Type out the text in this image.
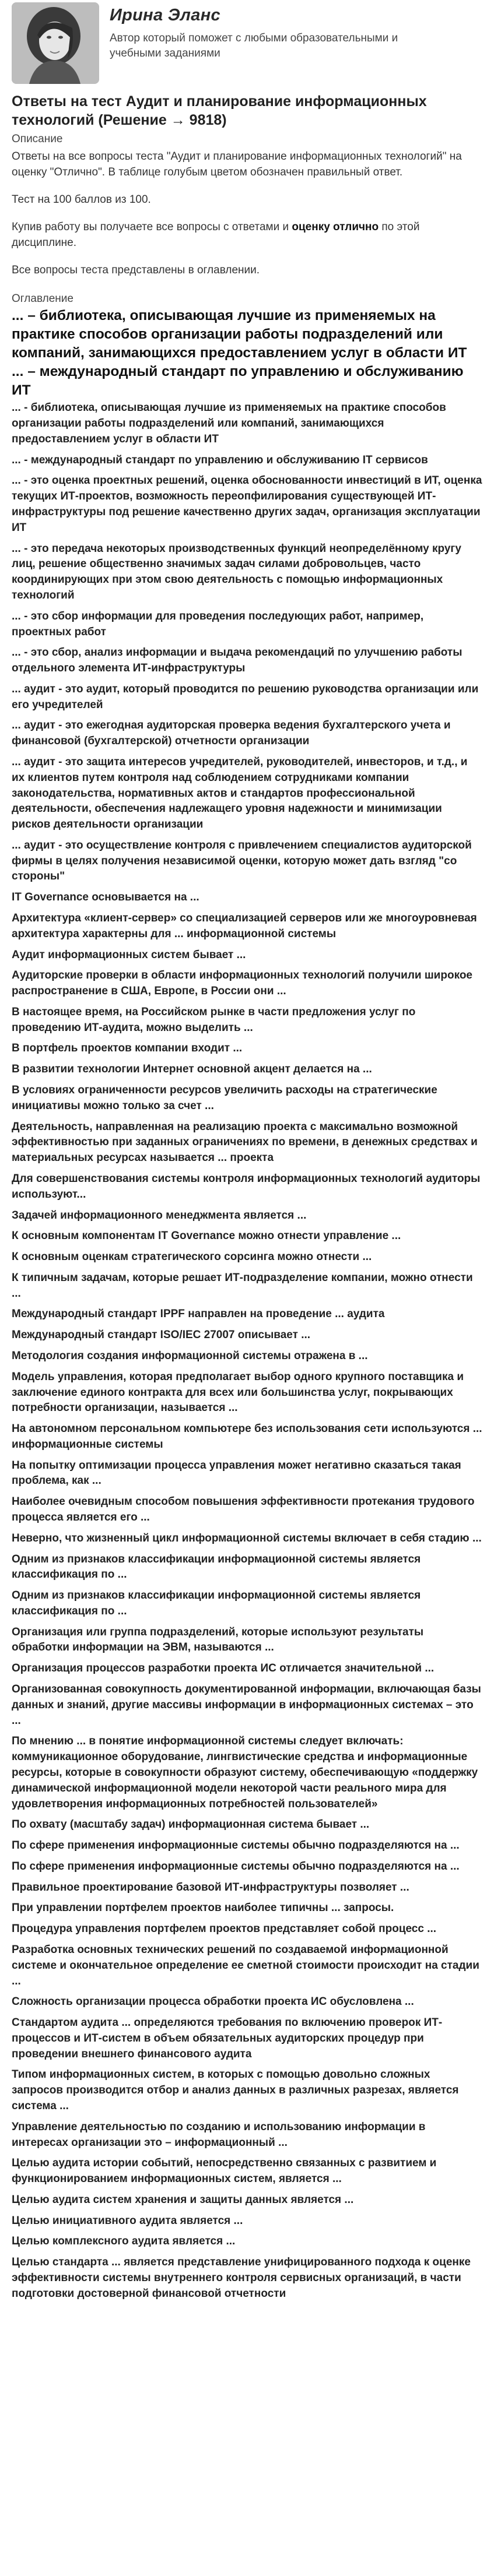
Ирина Эланс
Автор который поможет с любыми образовательными и учебными заданиями
Ответы на тест Аудит и планирование информационных технологий (Решение → 9818)
Описание
Ответы на все вопросы теста "Аудит и планирование информационных технологий" на оценку "Отлично". В таблице голубым цветом обозначен правильный ответ.
Тест на 100 баллов из 100.
Купив работу вы получаете все вопросы с ответами и оценку отлично по этой дисциплине.
Все вопросы теста представлены в оглавлении.
Оглавление
... – библиотека, описывающая лучшие из применяемых на практике способов организации работы подразделений или компаний, занимающихся предоставлением услуг в области ИТ ... – международный стандарт по управлению и обслуживанию ИТ
... - библиотека, описывающая лучшие из применяемых на практике способов организации работы подразделений или компаний, занимающихся предоставлением услуг в области ИТ
... - международный стандарт по управлению и обслуживанию IT сервисов
... - это оценка проектных решений, оценка обоснованности инвестиций в ИТ, оценка текущих ИТ-проектов, возможность переопфилирования существующей ИТ-инфраструктуры под решение качественно других задач, организация эксплуатации ИТ
... - это передача некоторых производственных функций неопределённому кругу лиц, решение общественно значимых задач силами добровольцев, часто координирующих при этом свою деятельность с помощью информационных технологий
... - это сбор информации для проведения последующих работ, например, проектных работ
... - это сбор, анализ информации и выдача рекомендаций по улучшению работы отдельного элемента ИТ-инфраструктуры
... аудит - это аудит, который проводится по решению руководства организации или его учредителей
... аудит - это ежегодная аудиторская проверка ведения бухгалтерского учета и финансовой (бухгалтерской) отчетности организации
... аудит - это защита интересов учредителей, руководителей, инвесторов, и т.д., и их клиентов путем контроля над соблюдением сотрудниками компании законодательства, нормативных актов и стандартов профессиональной деятельности, обеспечения надлежащего уровня надежности и минимизации рисков деятельности организации
... аудит - это осуществление контроля с привлечением специалистов аудиторской фирмы в целях получения независимой оценки, которую может дать взгляд "со стороны"
IT Governance основывается на ...
Архитектура «клиент-сервер» со специализацией серверов или же многоуровневая архитектура характерны для ... информационной системы
Аудит информационных систем бывает ...
Аудиторские проверки в области информационных технологий получили широкое распространение в США, Европе, в России они ...
В настоящее время, на Российском рынке в части предложения услуг по проведению ИТ-аудита, можно выделить ...
В портфель проектов компании входит ...
В развитии технологии Интернет основной акцент делается на ...
В условиях ограниченности ресурсов увеличить расходы на стратегические инициативы можно только за счет ...
Деятельность, направленная на реализацию проекта с максимально возможной эффективностью при заданных ограничениях по времени, в денежных средствах и материальных ресурсах называется ... проекта
Для совершенствования системы контроля информационных технологий аудиторы используют...
Задачей информационного менеджмента является ...
К основным компонентам IT Governance можно отнести управление ...
К основным оценкам стратегического сорсинга можно отнести ...
К типичным задачам, которые решает ИТ-подразделение компании, можно отнести ...
Международный стандарт IPPF направлен на проведение ... аудита
Международный стандарт ISO/IEC 27007 описывает ...
Методология создания информационной системы отражена в ...
Модель управления, которая предполагает выбор одного крупного поставщика и заключение единого контракта для всех или большинства услуг, покрывающих потребности организации, называется ...
На автономном персональном компьютере без использования сети используются ... информационные системы
На попытку оптимизации процесса управления может негативно сказаться такая проблема, как ...
Наиболее очевидным способом повышения эффективности протекания трудового процесса является его ...
Неверно, что жизненный цикл информационной системы включает в себя стадию ...
Одним из признаков классификации информационной системы является классификация по ...
Одним из признаков классификации информационной системы является классификация по ...
Организация или группа подразделений, которые используют результаты обработки информации на ЭВМ, называются ...
Организация процессов разработки проекта ИС отличается значительной ...
Организованная совокупность документированной информации, включающая базы данных и знаний, другие массивы информации в информационных системах – это ...
По мнению ... в понятие информационной системы следует включать: коммуникационное оборудование, лингвистические средства и информационные ресурсы, которые в совокупности образуют систему, обеспечивающую «поддержку динамической информационной модели некоторой части реального мира для удовлетворения информационных потребностей пользователей»
По охвату (масштабу задач) информационная система бывает ...
По сфере применения информационные системы обычно подразделяются на ...
По сфере применения информационные системы обычно подразделяются на ...
Правильное проектирование базовой ИТ-инфраструктуры позволяет ...
При управлении портфелем проектов наиболее типичны ... запросы.
Процедура управления портфелем проектов представляет собой процесс ...
Разработка основных технических решений по создаваемой информационной системе и окончательное определение ее сметной стоимости происходит на стадии ...
Сложность организации процесса обработки проекта ИС обусловлена ...
Стандартом аудита ... определяются требования по включению проверок ИТ-процессов и ИТ-систем в объем обязательных аудиторских процедур при проведении внешнего финансового аудита
Типом информационных систем, в которых с помощью довольно сложных запросов производится отбор и анализ данных в различных разрезах, является система ...
Управление деятельностью по созданию и использованию информации в интересах организации это – информационный ...
Целью аудита истории событий, непосредственно связанных с развитием и функционированием информационных систем, является ...
Целью аудита систем хранения и защиты данных является ...
Целью инициативного аудита является ...
Целью комплексного аудита является ...
Целью стандарта ... является представление унифицированного подхода к оценке эффективности системы внутреннего контроля сервисных организаций, в части подготовки достоверной финансовой отчетности
